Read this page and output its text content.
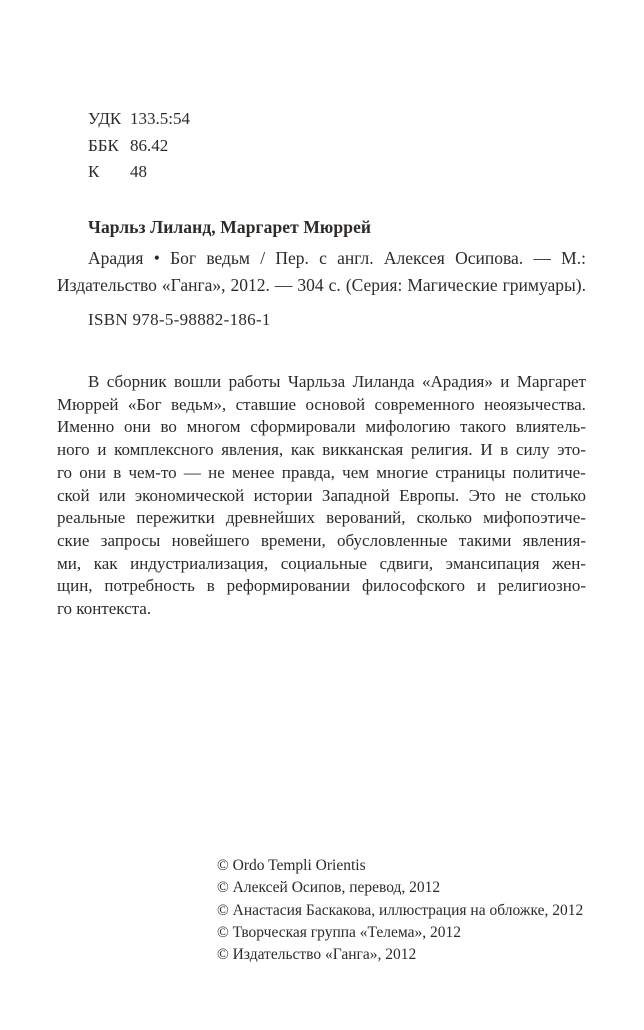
УДК 133.5:54
ББК 86.42
К	48
Чарльз Лиланд, Маргарет Мюррей
Арадия • Бог ведьм / Пер. с англ. Алексея Осипова. — М.:
Издательство «Ганга», 2012. — 304 с. (Серия: Магические гримуары).
ISBN 978-5-98882-186-1
В сборник вошли работы Чарльза Лиланда «Арадия» и Маргарет
Мюррей «Бог ведьм», ставшие основой современного неоязычества.
Именно они во многом сформировали мифологию такого влиятель-
ного и комплексного явления, как викканская религия. И в силу это-
го они в чем-то — не менее правда, чем многие страницы политиче-
ской или экономической истории Западной Европы. Это не столько
реальные пережитки древнейших верований, сколько мифопоэтиче-
ские запросы новейшего времени, обусловленные такими явления-
ми, как индустриализация, социальные сдвиги, эмансипация жен-
щин, потребность в реформировании философского и религиозно-
го контекста.
© Ordo Templi Orientis
© Алексей Осипов, перевод, 2012
© Анастасия Баскакова, иллюстрация на обложке, 2012
© Творческая группа «Телема», 2012
© Издательство «Ганга», 2012
